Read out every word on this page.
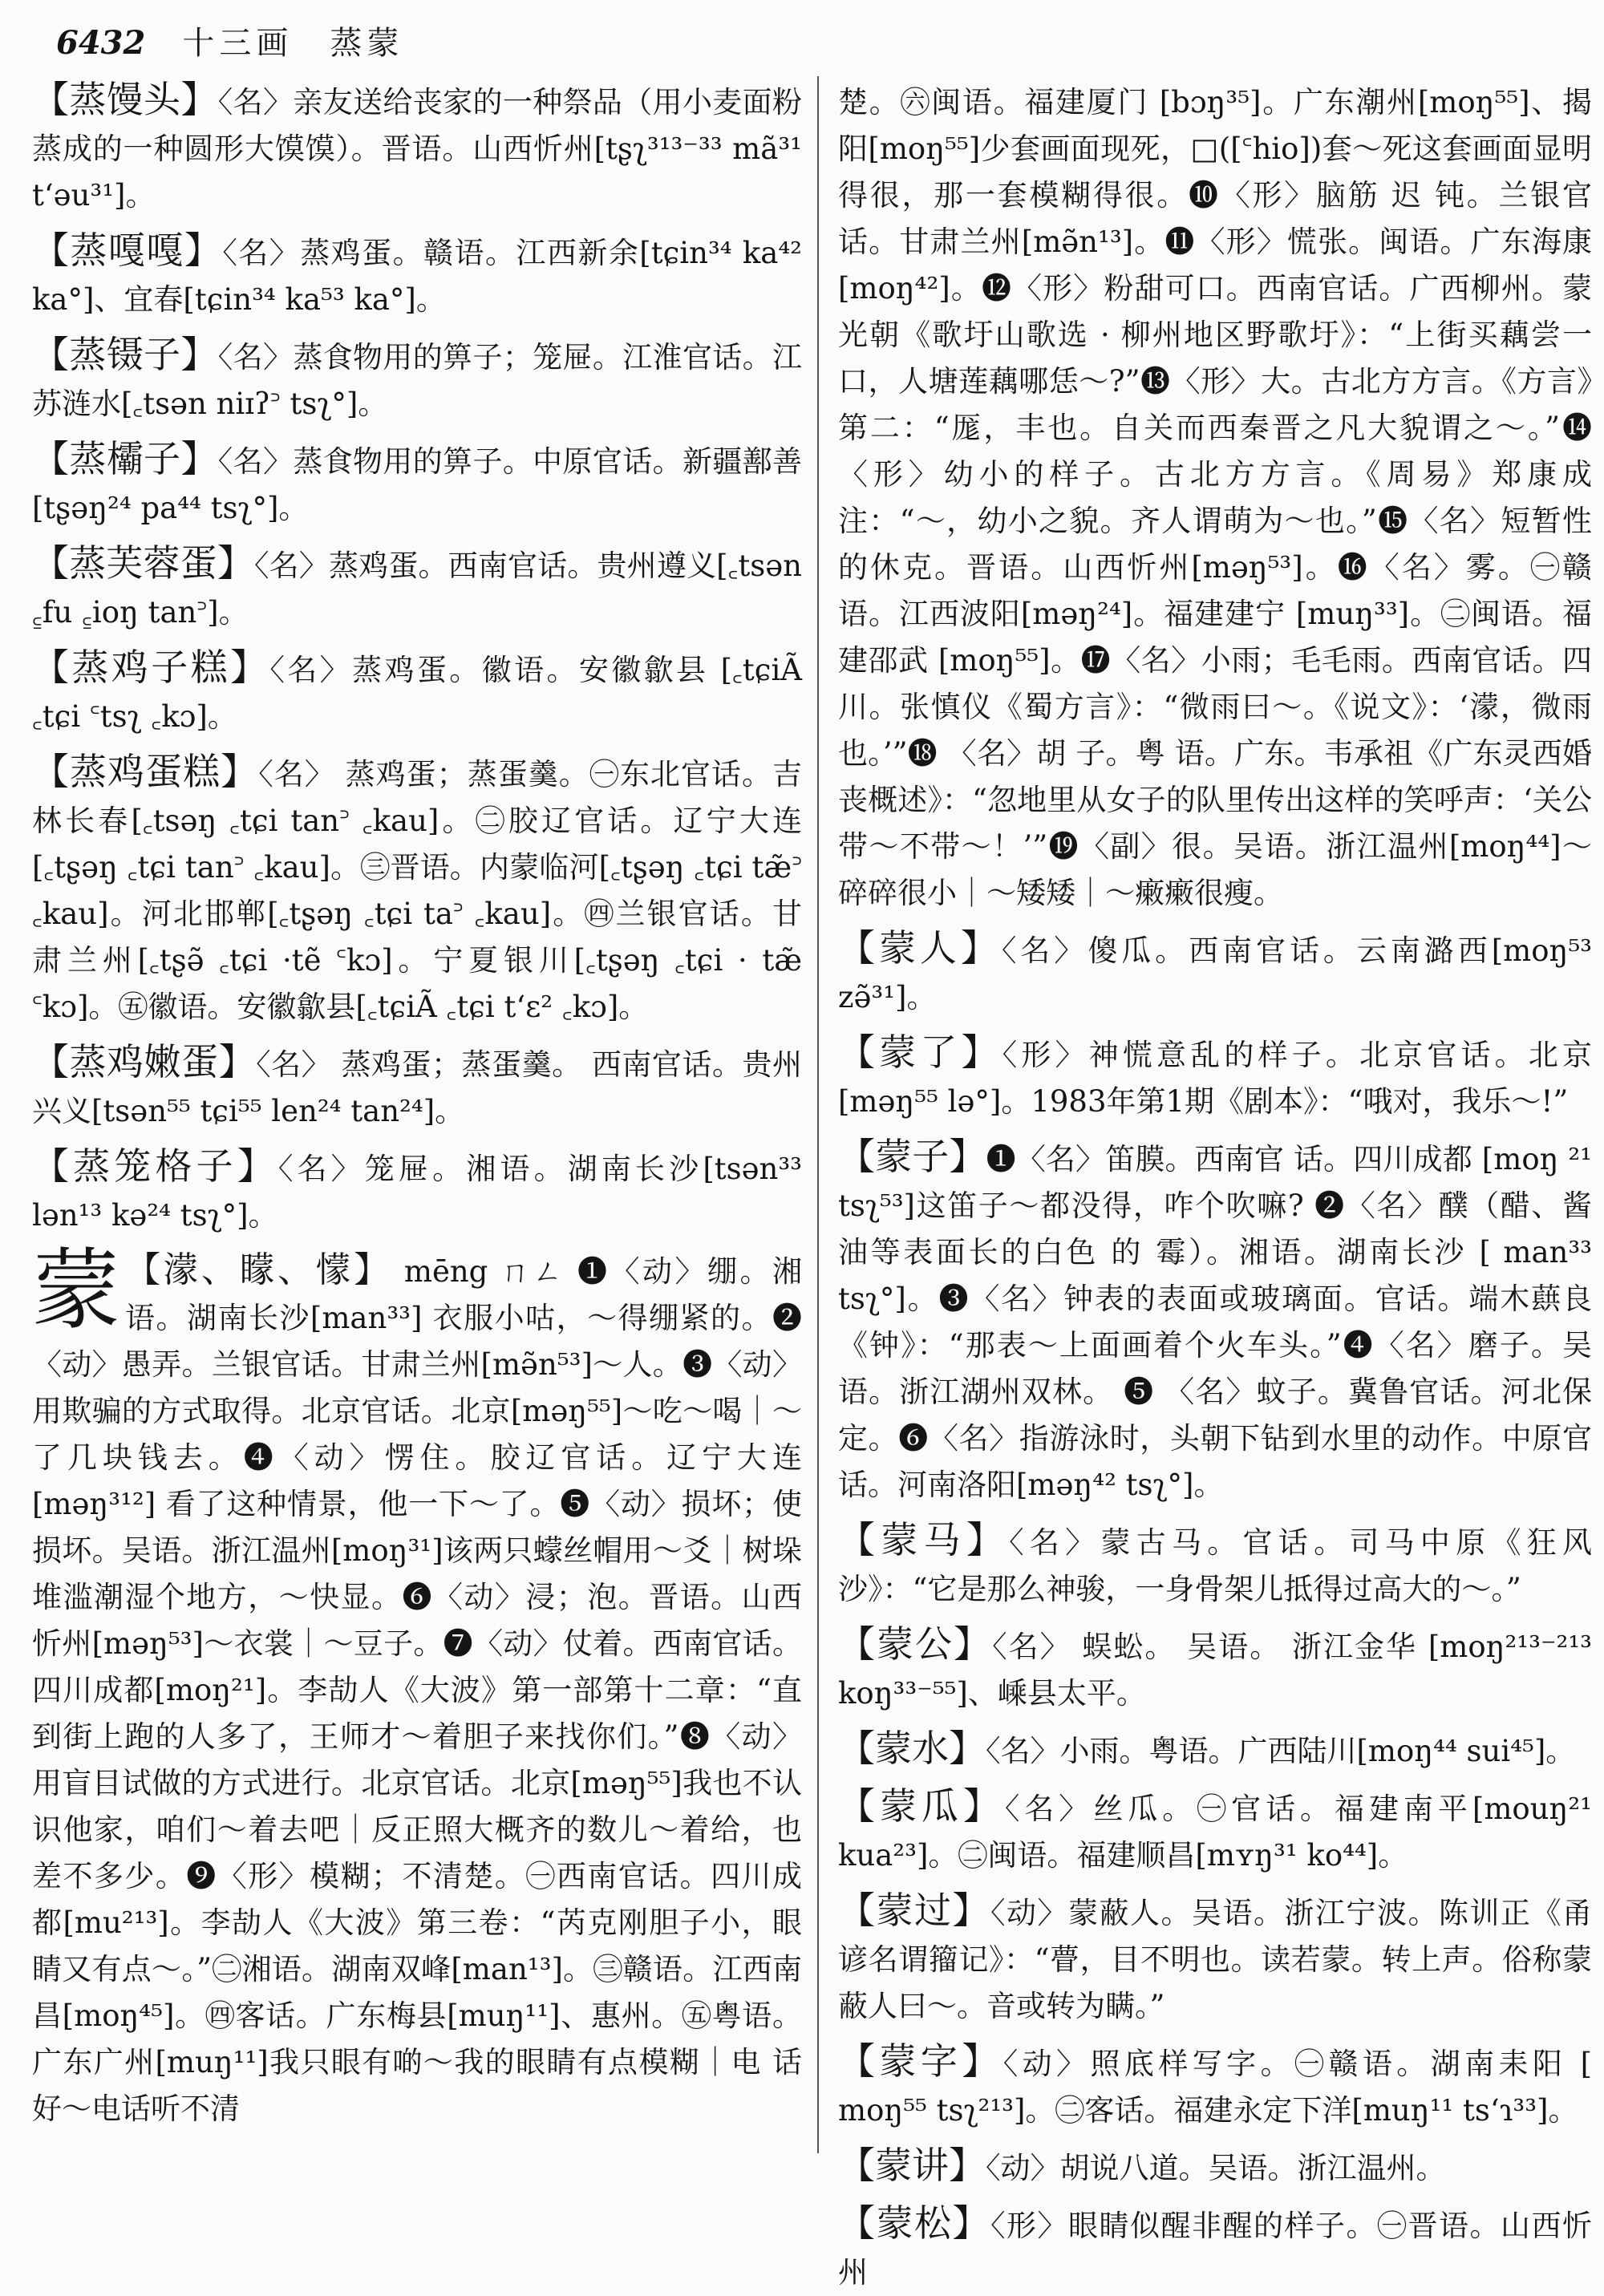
6432 十三画　蒸蒙
【蒸馒头】〈名〉亲友送给丧家的一种祭品（用小麦面粉蒸成的一种圆形大馍馍）。晋语。山西忻州[tʂʅ³¹³⁻³³ mã³¹ tʻəu³¹]。
【蒸嘎嘎】〈名〉蒸鸡蛋。赣语。江西新余[tɕin³⁴ ka⁴² ka°]、宜春[tɕin³⁴ ka⁵³ ka°]。
【蒸镊子】〈名〉蒸食物用的箅子；笼屉。江淮官话。江苏涟水[꜀tsən niɪʔ꜄ tsʅ°]。
【蒸欛子】〈名〉蒸食物用的箅子。中原官话。新疆鄯善[tʂəŋ²⁴ pa⁴⁴ tsʅ°]。
【蒸芙蓉蛋】〈名〉蒸鸡蛋。西南官话。贵州遵义[꜀tsən ꜁fu ꜁ioŋ tan꜄]。
【蒸鸡子糕】〈名〉蒸鸡蛋。徽语。安徽歙县 [꜀tɕiÃ ꜀tɕi ꜂tsʅ ꜀kɔ]。
【蒸鸡蛋糕】〈名〉 蒸鸡蛋；蒸蛋羹。㊀东北官话。吉林长春[꜀tsəŋ ꜀tɕi tan꜄ ꜀kau]。㊁胶辽官话。辽宁大连[꜀tʂəŋ ꜀tɕi tan꜄ ꜀kau]。㊂晋语。内蒙临河[꜀tʂəŋ ꜀tɕi tæ̃꜄ ꜀kau]。河北邯郸[꜀tʂəŋ ꜀tɕi ta꜄ ꜀kau]。㊃兰银官话。甘肃兰州[꜀tʂə̃ ꜀tɕi ·tẽ ꜂kɔ]。宁夏银川[꜀tʂəŋ ꜀tɕi · tæ̃ ꜂kɔ]。㊄徽语。安徽歙县[꜀tɕiÃ ꜀tɕi tʻɛ² ꜀kɔ]。
【蒸鸡嫩蛋】〈名〉 蒸鸡蛋；蒸蛋羹。 西南官话。贵州兴义[tsən⁵⁵ tɕi⁵⁵ len²⁴ tan²⁴]。
【蒸笼格子】〈名〉笼屉。湘语。湖南长沙[tsən³³ lən¹³ kə²⁴ tsʅ°]。
蒙 【濛、矇、懞】 mēng ㄇㄥ ❶〈动〉绷。湘语。湖南长沙[man³³] 衣服小咕，～得绷紧的。❷〈动〉愚弄。兰银官话。甘肃兰州[mə̃n⁵³]～人。❸〈动〉用欺骗的方式取得。北京官话。北京[məŋ⁵⁵]～吃～喝｜～了几块钱去。❹〈动〉愣住。胶辽官话。辽宁大连 [məŋ³¹²] 看了这种情景，他一下～了。❺〈动〉损坏；使损坏。吴语。浙江温州[moŋ³¹]该两只蠓丝帽用～爻｜树垛堆滥潮湿个地方，～快显。❻〈动〉浸；泡。晋语。山西忻州[məŋ⁵³]～衣裳｜～豆子。❼〈动〉仗着。西南官话。四川成都[moŋ²¹]。李劼人《大波》第一部第十二章：“直到街上跑的人多了，王师才～着胆子来找你们。”❽〈动〉用盲目试做的方式进行。北京官话。北京[məŋ⁵⁵]我也不认识他家，咱们～着去吧｜反正照大概齐的数儿～着给，也差不多少。❾〈形〉模糊；不清楚。㊀西南官话。四川成都[mu²¹³]。李劼人《大波》第三卷：“芮克刚胆子小，眼睛又有点～。”㊁湘语。湖南双峰[man¹³]。㊂赣语。江西南昌[moŋ⁴⁵]。㊃客话。广东梅县[muŋ¹¹]、惠州。㊄粤语。广东广州[muŋ¹¹]我只眼有啲～我的眼睛有点模糊｜电 话 好～电话听不清
楚。㊅闽语。福建厦门 [bɔŋ³⁵]。广东潮州[moŋ⁵⁵]、揭阳[moŋ⁵⁵]少套画面现死，□([꜂hio])套～死这套画面显明得很，那一套模糊得很。❿〈形〉脑筋 迟 钝。兰银官话。甘肃兰州[mə̃n¹³]。⓫〈形〉慌张。闽语。广东海康[moŋ⁴²]。⓬〈形〉粉甜可口。西南官话。广西柳州。蒙光朝《歌圩山歌选 · 柳州地区野歌圩》：“上街买藕尝一口，人塘莲藕哪恁～?”⓭〈形〉大。古北方方言。《方言》第二：“厖，丰也。自关而西秦晋之凡大貌谓之～。”⓮〈形〉幼小的样子。古北方方言。《周易》郑康成注：“～，幼小之貌。齐人谓萌为～也。”⓯〈名〉短暂性的休克。晋语。山西忻州[məŋ⁵³]。⓰〈名〉雾。㊀赣语。江西波阳[məŋ²⁴]。福建建宁 [muŋ³³]。㊁闽语。福建邵武 [moŋ⁵⁵]。⓱〈名〉小雨；毛毛雨。西南官话。四川。张慎仪《蜀方言》：“微雨曰～。《说文》：‘濛，微雨也。’”⓲ 〈名〉胡 子。粤 语。广东。韦承祖《广东灵西婚丧概述》：“忽地里从女子的队里传出这样的笑呼声：‘关公带～不带～！’”⓳〈副〉很。吴语。浙江温州[moŋ⁴⁴]～碎碎很小｜～矮矮｜～瘷瘷很瘦。
【蒙人】〈名〉傻瓜。西南官话。云南潞西[moŋ⁵³ zə̃³¹]。
【蒙了】〈形〉神慌意乱的样子。北京官话。北京[məŋ⁵⁵ lə°]。1983年第1期《剧本》：“哦对，我乐～!”
【蒙子】❶〈名〉笛膜。西南官 话。四川成都 [moŋ ²¹ tsʅ⁵³]这笛子～都没得，咋个吹嘛? ❷〈名〉醭（醋、酱油等表面长的白色 的 霉）。湘语。湖南长沙 [ man³³ tsʅ°]。❸〈名〉钟表的表面或玻璃面。官话。端木蕻良《钟》：“那表～上面画着个火车头。”❹〈名〉磨子。吴语。浙江湖州双林。 ❺ 〈名〉蚊子。冀鲁官话。河北保定。❻〈名〉指游泳时，头朝下钻到水里的动作。中原官话。河南洛阳[məŋ⁴² tsʅ°]。
【蒙马】〈名〉蒙古马。官话。司马中原《狂风沙》：“它是那么神骏，一身骨架儿抵得过高大的～。”
【蒙公】〈名〉 蜈蚣。 吴语。 浙江金华 [moŋ²¹³⁻²¹³ koŋ³³⁻⁵⁵]、嵊县太平。
【蒙水】〈名〉小雨。粤语。广西陆川[moŋ⁴⁴ sui⁴⁵]。
【蒙瓜】〈名〉丝瓜。㊀官话。福建南平[mouŋ²¹ kua²³]。㊁闽语。福建顺昌[mʏŋ³¹ ko⁴⁴]。
【蒙过】〈动〉蒙蔽人。吴语。浙江宁波。陈训正《甬谚名谓籀记》：“瞢，目不明也。读若蒙。转上声。俗称蒙蔽人曰～。音或转为瞒。”
【蒙字】〈动〉照底样写字。㊀赣语。湖南耒阳 [ moŋ⁵⁵ tsʅ²¹³]。㊁客话。福建永定下洋[muŋ¹¹ tsʻɿ³³]。
【蒙讲】〈动〉胡说八道。吴语。浙江温州。
【蒙松】〈形〉眼睛似醒非醒的样子。㊀晋语。山西忻州
